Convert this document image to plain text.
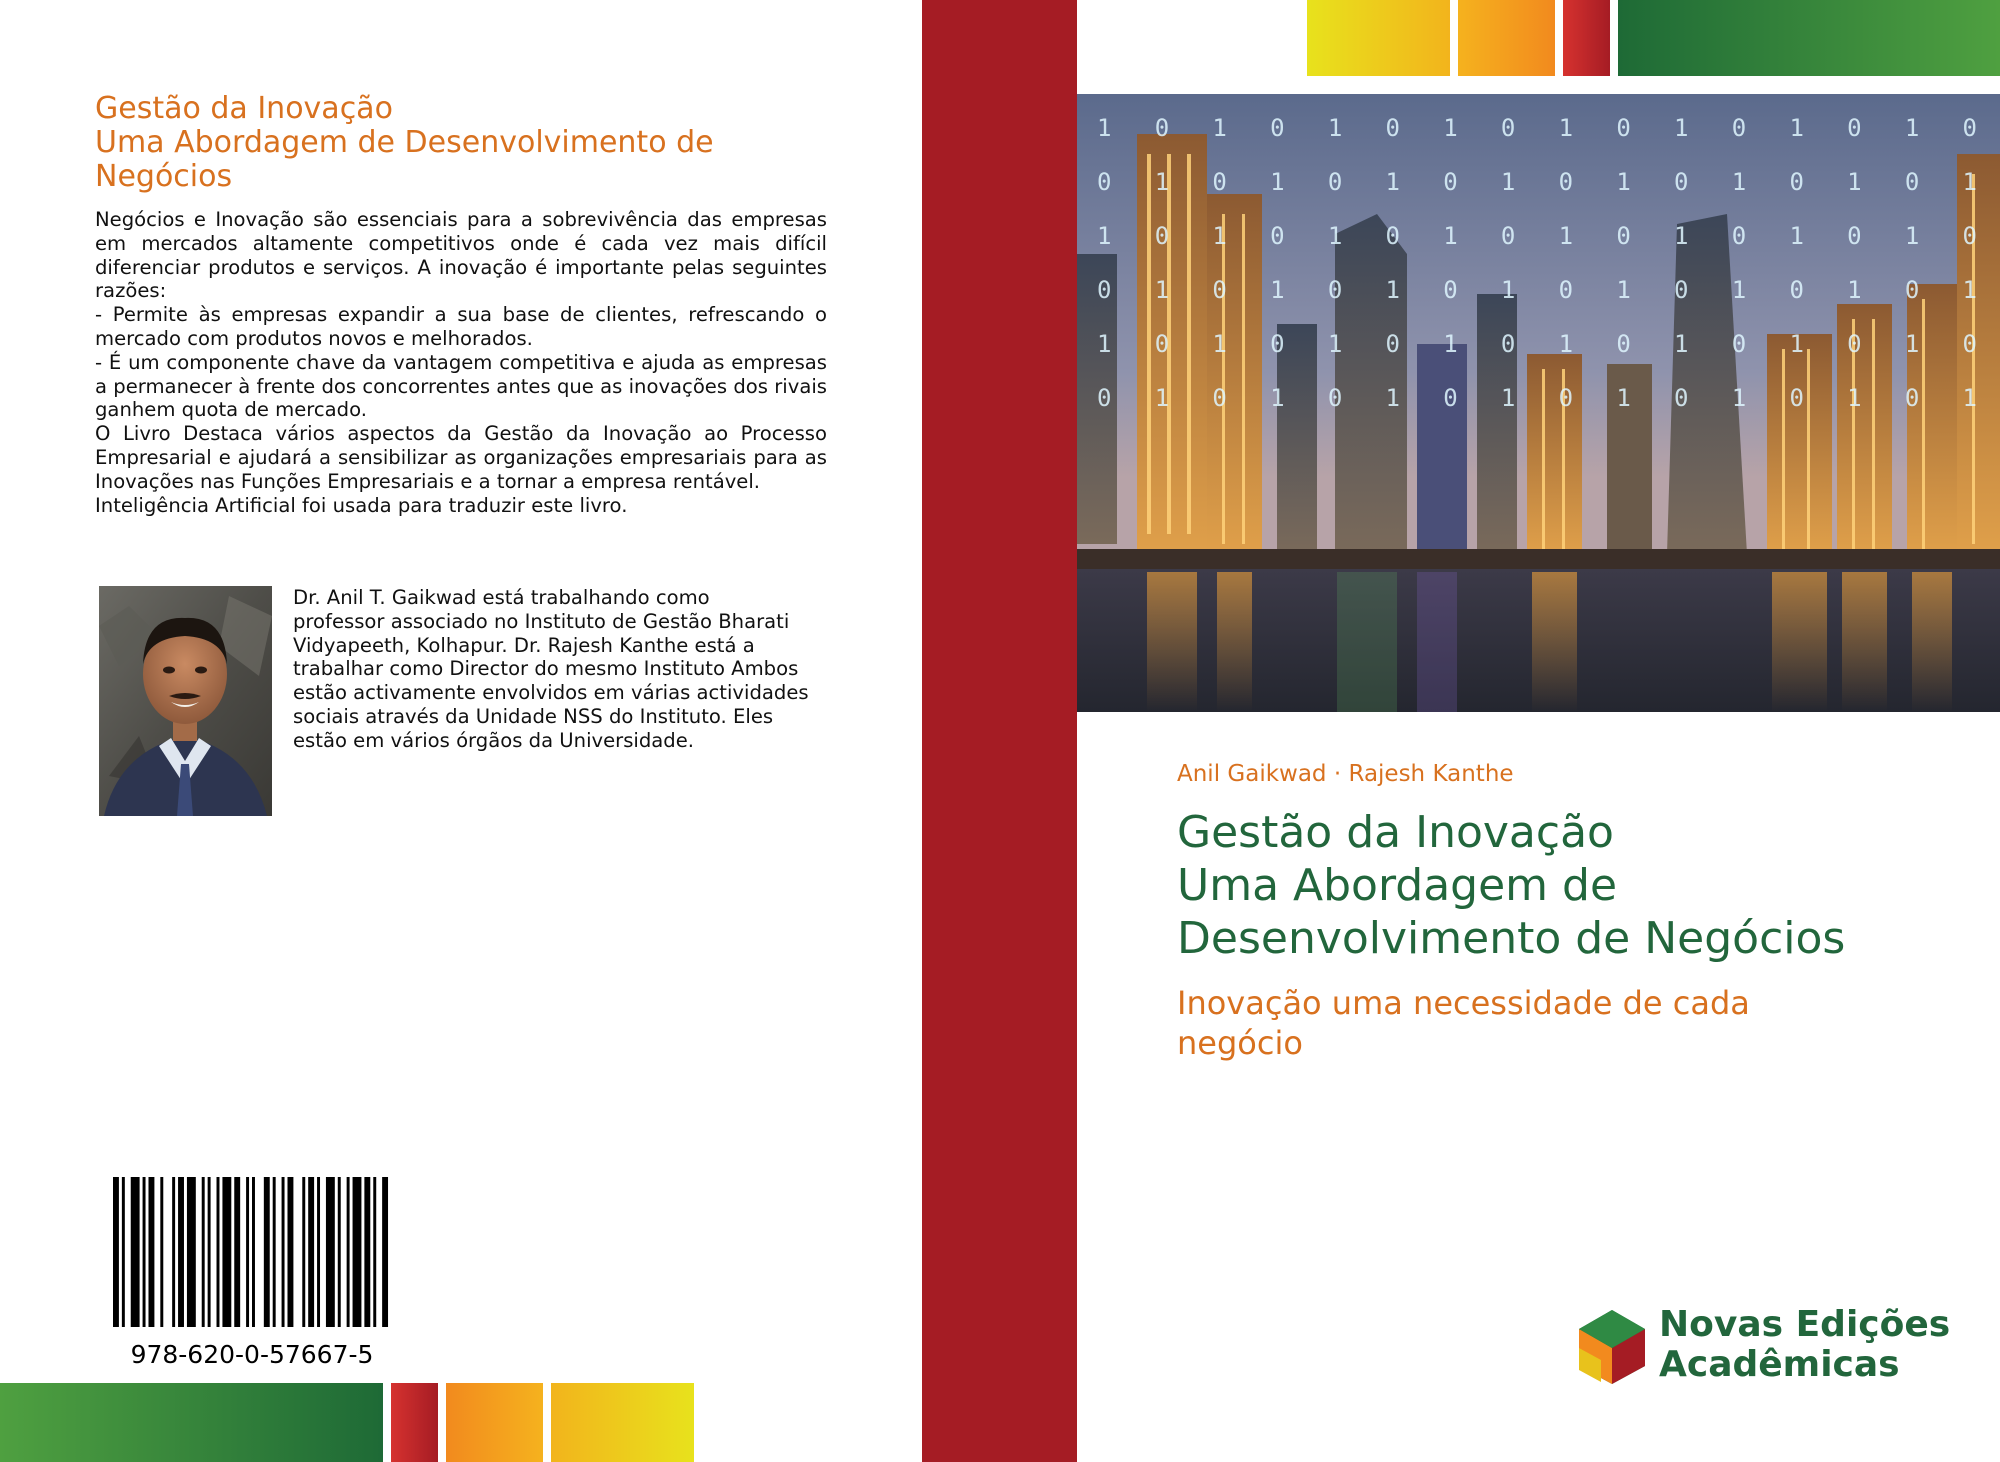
Gestão da Inovação
Uma Abordagem de Desenvolvimento de
Negócios

Negócios e Inovação são essenciais para a sobrevivência das empresas em mercados altamente competitivos onde é cada vez mais difícil diferenciar produtos e serviços. A inovação é importante pelas seguintes razões:

- Permite às empresas expandir a sua base de clientes, refrescando o mercado com produtos novos e melhorados.

- É um componente chave da vantagem competitiva e ajuda as empresas a permanecer à frente dos concorrentes antes que as inovações dos rivais ganhem quota de mercado.

O Livro Destaca vários aspectos da Gestão da Inovação ao Processo Empresarial e ajudará a sensibilizar as organizações empresariais para as Inovações nas Funções Empresariais e a tornar a empresa rentável.

Inteligência Artificial foi usada para traduzir este livro.

Dr. Anil T. Gaikwad está trabalhando como
professor associado no Instituto de Gestão Bharati
Vidyapeeth, Kolhapur. Dr. Rajesh Kanthe está a
trabalhar como Director do mesmo Instituto Ambos
estão activamente envolvidos em várias actividades
sociais através da Unidade NSS do Instituto. Eles
estão em vários órgãos da Universidade.
978-620-0-57667-5
1 0 1 0 1 0 1 0 1 0 1 0 1 0 1 0
0 1 0 1 0 1 0 1 0 1 0 1 0 1 0 1
1 0 1 0 1 0 1 0 1 0 1 0 1 0 1 0
0 1 0 1 0 1 0 1 0 1 0 1 0 1 0 1
1 0 1 0 1 0 1 0 1 0 1 0 1 0 1 0
0 1 0 1 0 1 0 1 0 1 0 1 0 1 0 1
Anil Gaikwad · Rajesh Kanthe
Gestão da Inovação
Uma Abordagem de
Desenvolvimento de Negócios
Inovação uma necessidade de cada
negócio
Novas Edições
Acadêmicas
